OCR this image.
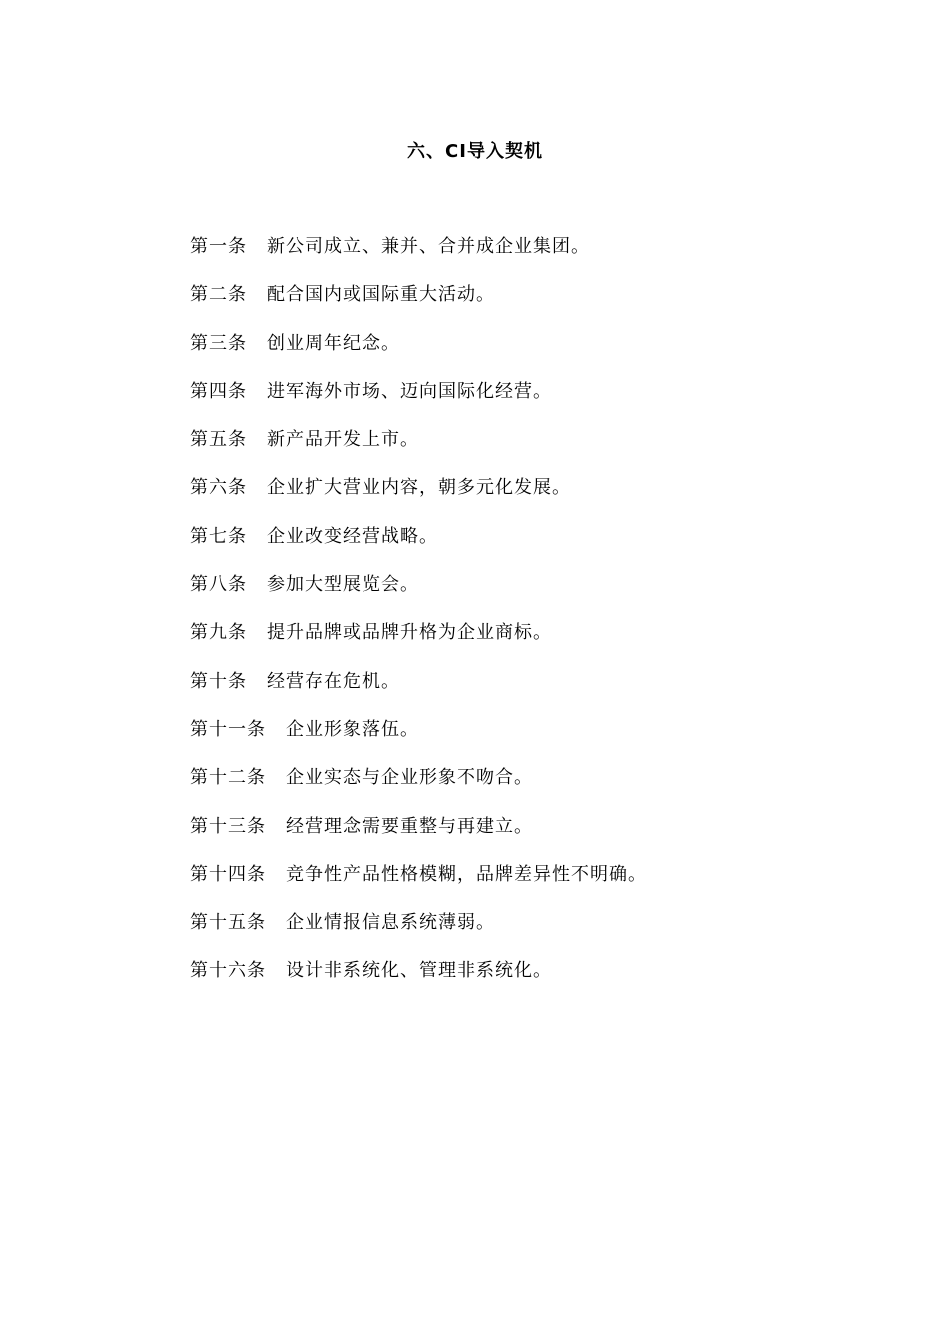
六、CI导入契机
第一条 新公司成立、兼并、合并成企业集团。
第二条 配合国内或国际重大活动。
第三条 创业周年纪念。
第四条 进军海外市场、迈向国际化经营。
第五条 新产品开发上市。
第六条 企业扩大营业内容，朝多元化发展。
第七条 企业改变经营战略。
第八条 参加大型展览会。
第九条 提升品牌或品牌升格为企业商标。
第十条 经营存在危机。
第十一条 企业形象落伍。
第十二条 企业实态与企业形象不吻合。
第十三条 经营理念需要重整与再建立。
第十四条 竞争性产品性格模糊，品牌差异性不明确。
第十五条 企业情报信息系统薄弱。
第十六条 设计非系统化、管理非系统化。
